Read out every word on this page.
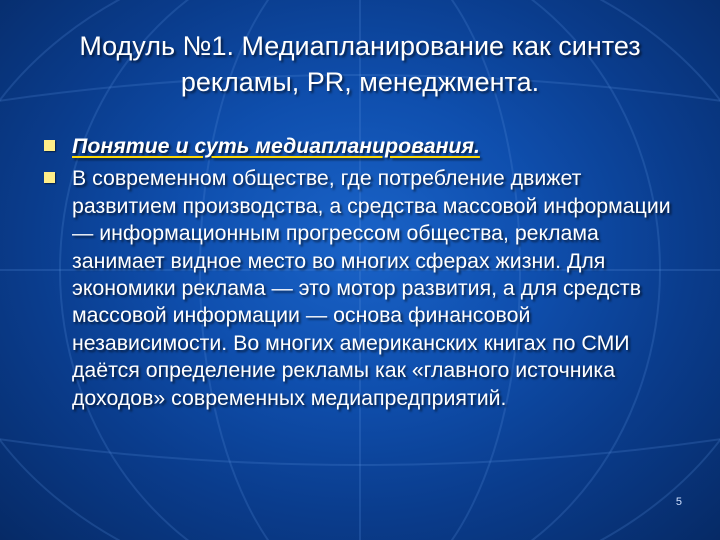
Модуль №1. Медиапланирование как синтез рекламы, PR, менеджмента.
Понятие и суть медиапланирования.
В современном обществе, где потребление движет развитием производства, а средства массовой информации — информационным прогрессом общества, реклама занимает видное место во многих сферах жизни. Для экономики реклама — это мотор развития, а для средств массовой информации — основа финансовой независимости. Во многих американских книгах по СМИ даётся определение рекламы как «главного источника доходов» современных медиапредприятий.
5
